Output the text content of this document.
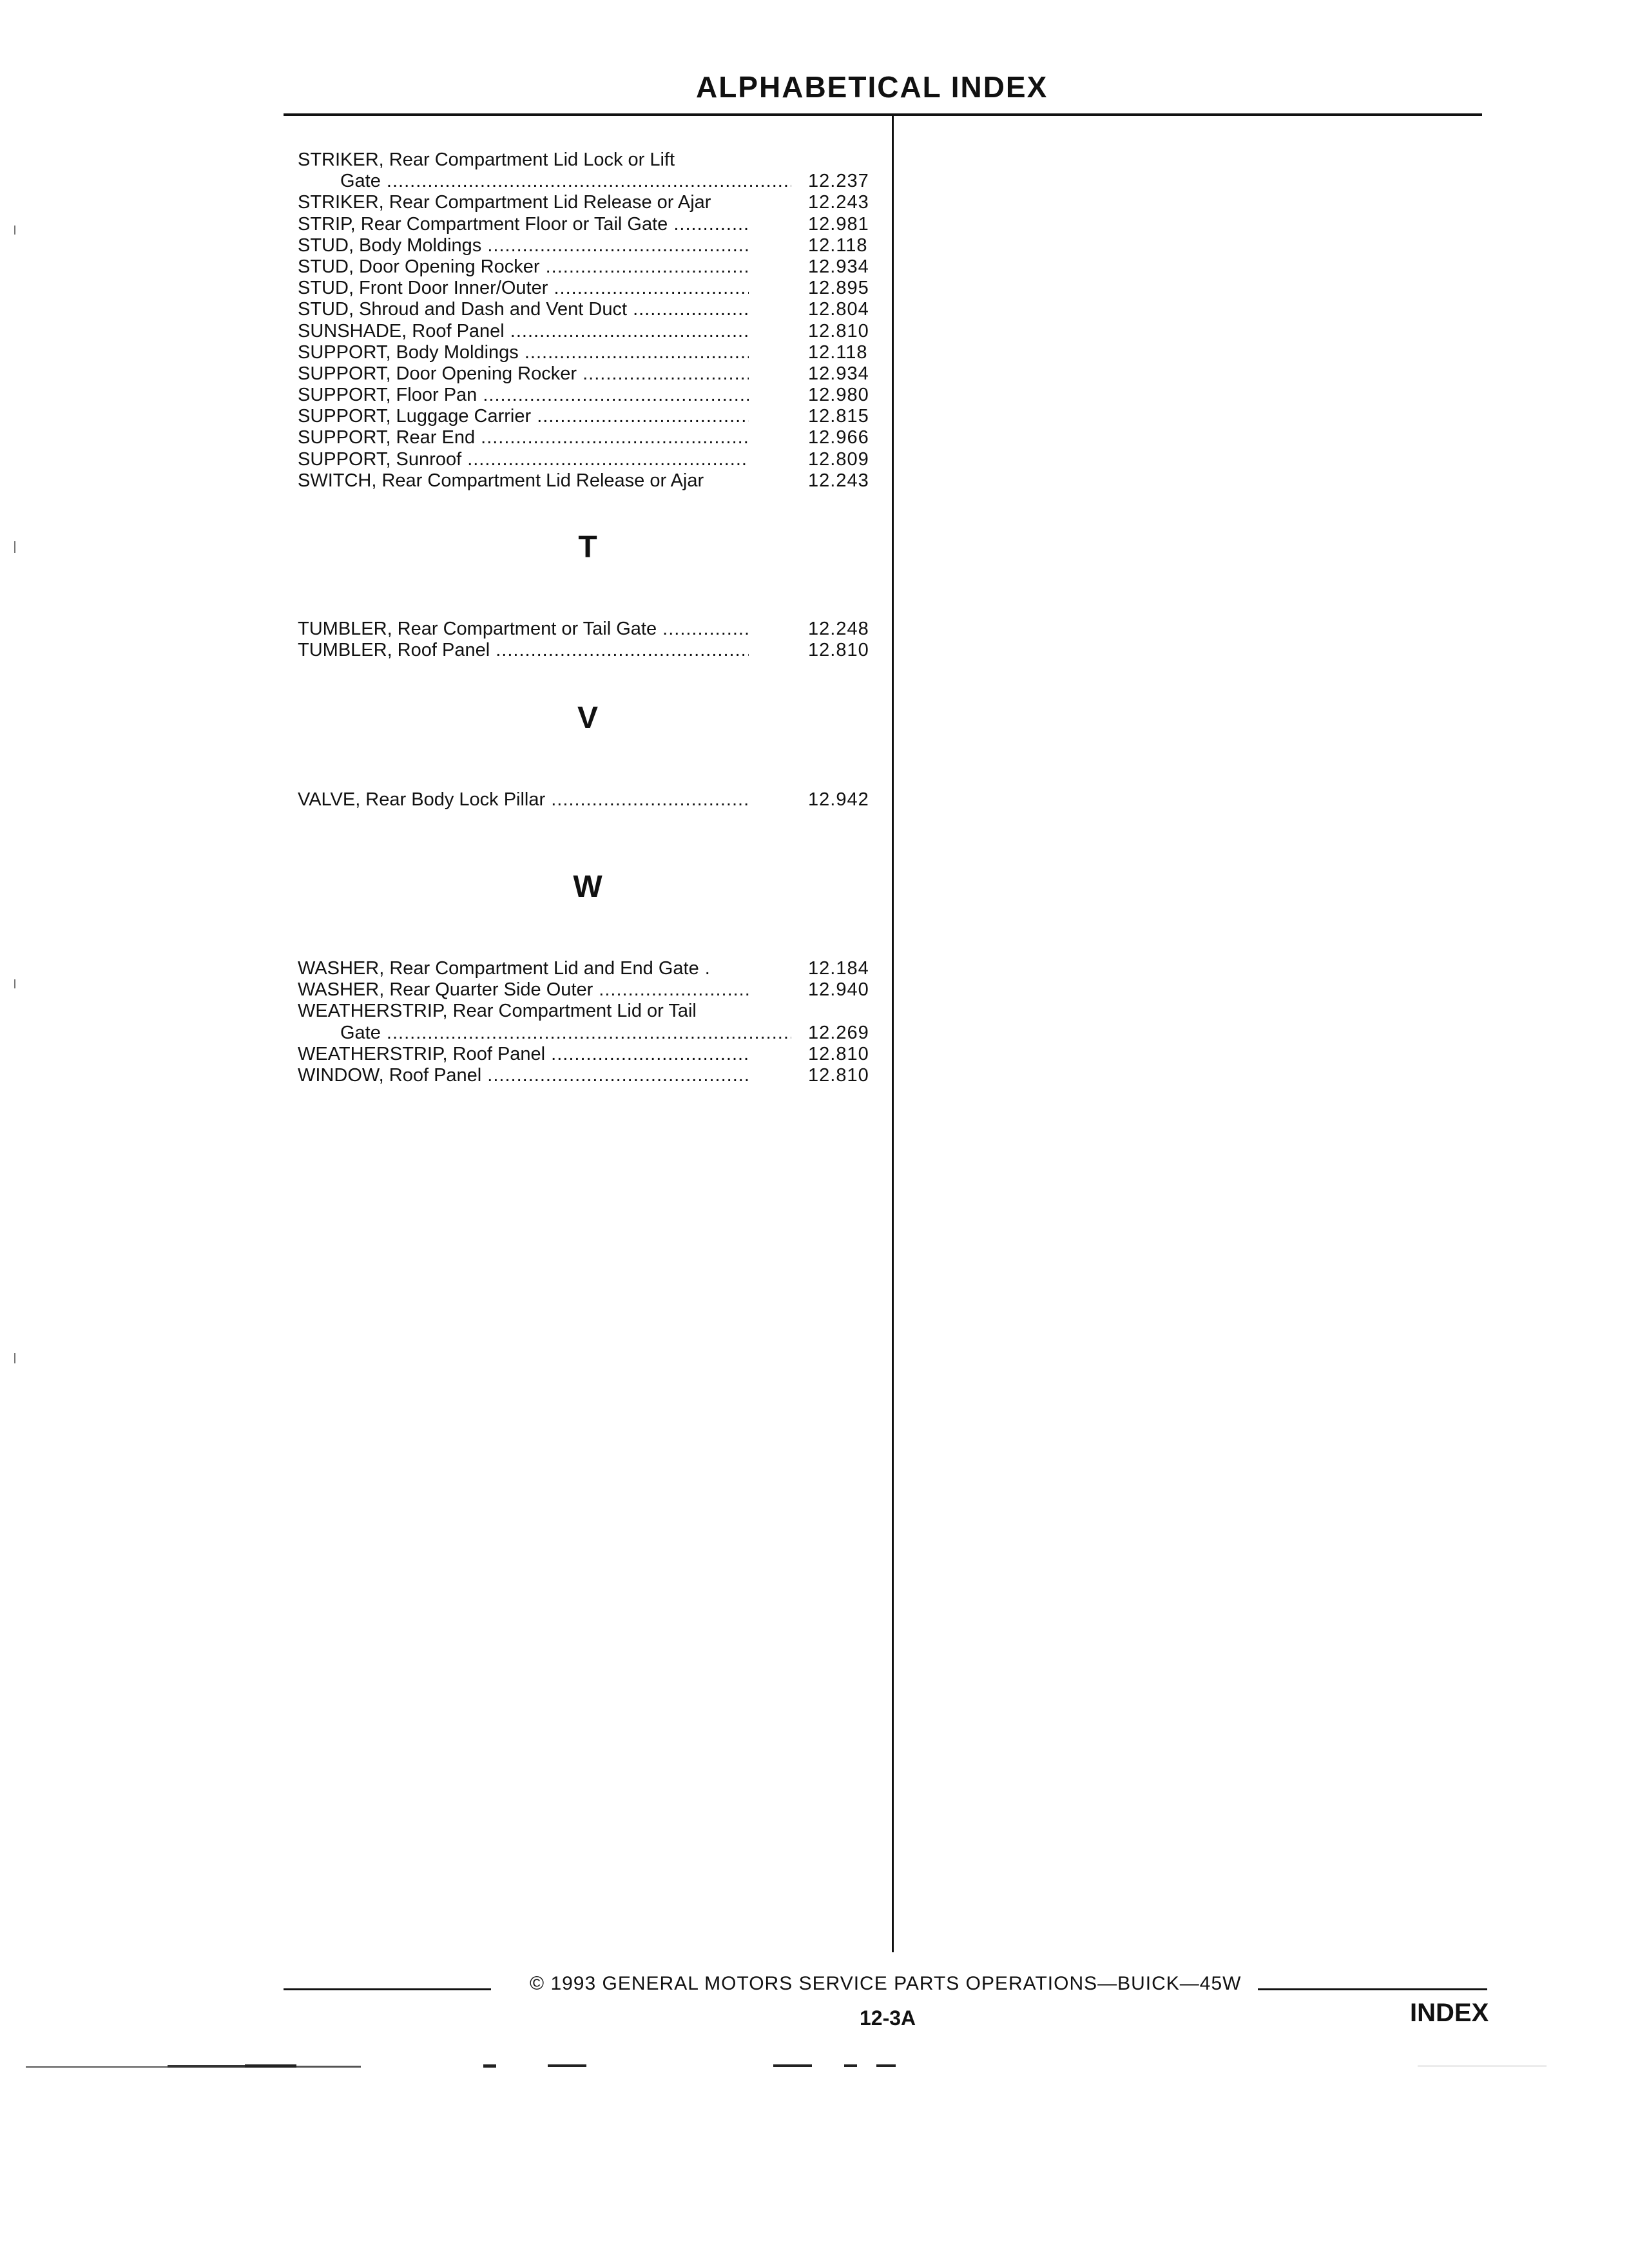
ALPHABETICAL INDEX
STRIKER, Rear Compartment Lid Lock or Lift
Gate .....	12.237
STRIKER, Rear Compartment Lid Release or Ajar	12.243
STRIP, Rear Compartment Floor or Tail Gate .....	12.981
STUD, Body Moldings .....	12.118
STUD, Door Opening Rocker .....	12.934
STUD, Front Door Inner/Outer .....	12.895
STUD, Shroud and Dash and Vent Duct .....	12.804
SUNSHADE, Roof Panel .....	12.810
SUPPORT, Body Moldings .....	12.118
SUPPORT, Door Opening Rocker .....	12.934
SUPPORT, Floor Pan .....	12.980
SUPPORT, Luggage Carrier .....	12.815
SUPPORT, Rear End .....	12.966
SUPPORT, Sunroof .....	12.809
SWITCH, Rear Compartment Lid Release or Ajar	12.243
T
TUMBLER, Rear Compartment or Tail Gate .....	12.248
TUMBLER, Roof Panel .....	12.810
V
VALVE, Rear Body Lock Pillar .....	12.942
W
WASHER, Rear Compartment Lid and End Gate .	12.184
WASHER, Rear Quarter Side Outer .....	12.940
WEATHERSTRIP, Rear Compartment Lid or Tail
Gate .....	12.269
WEATHERSTRIP, Roof Panel .....	12.810
WINDOW, Roof Panel .....	12.810
© 1993 GENERAL MOTORS SERVICE PARTS OPERATIONS—BUICK—45W
12-3A	INDEX
